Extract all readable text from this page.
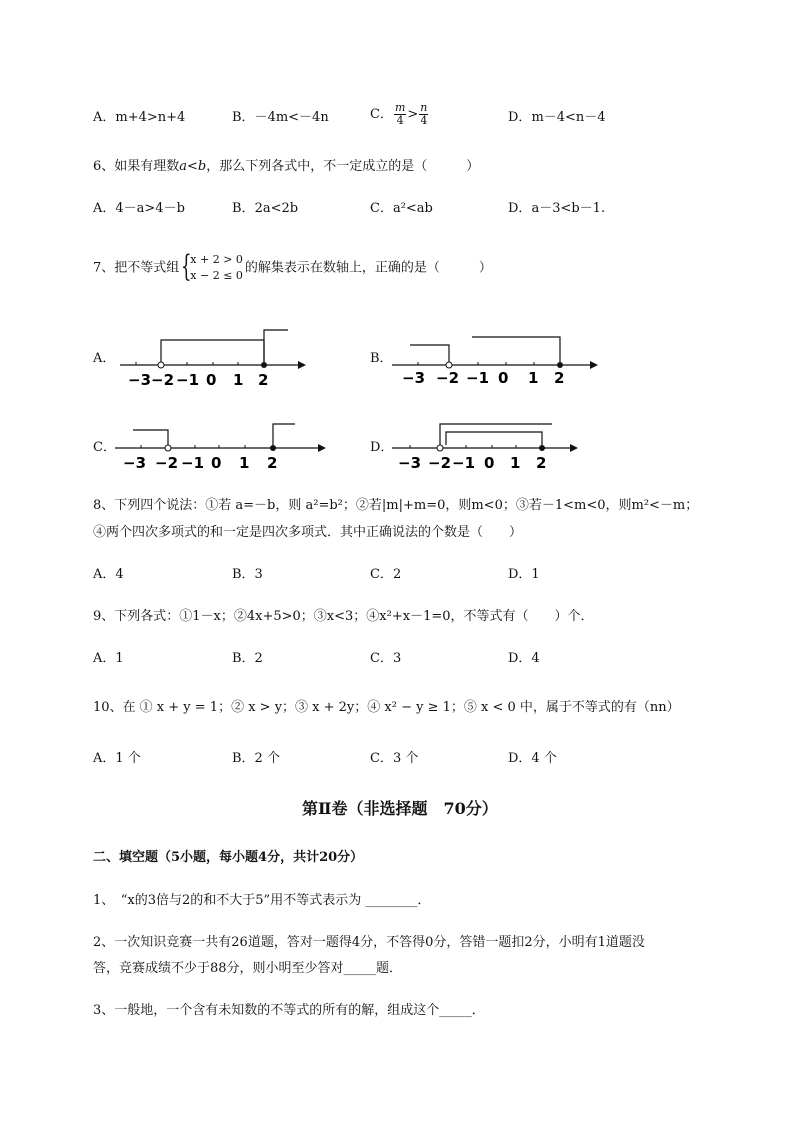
A．m+4>n+4	B．－4m<－4n	C． $\frac{m}{4} > \frac{n}{4}$	D．m－4<n－4
6、如果有理数a<b，那么下列各式中，不一定成立的是（　　　）
A．4－a>4－b	B．2a<2b	C．a²<ab	D．a－3<b－1.
7、把不等式组 {
x + 2 > 0
x − 2 ≤ 0 的解集表示在数轴上，正确的是（　　　）
A．
−3 −2 −1 0 1 2
B．
−3 −2 −1 0 1 2
C．
−3 −2 −1 0 1 2
D．
−3 −2 −1 0 1 2
8、下列四个说法：①若 a=－b，则 a²=b²；②若|m|+m=0，则m<0；③若－1<m<0，则m²<－m；
④两个四次多项式的和一定是四次多项式．其中正确说法的个数是（　　）
A．4	B．3	C．2	D．1
9、下列各式：①1－x；②4x+5>0；③x<3；④x²+x－1=0，不等式有（　　）个．
A．1	B．2	C．3	D．4
10、在 ① x + y = 1；② x > y；③ x + 2y；④ x² − y ≥ 1；⑤ x < 0 中，属于不等式的有（nn）
A．1 个	B．2 个	C．3 个	D．4 个
第Ⅱ卷（非选择题　70分）
二、填空题（5小题，每小题4分，共计20分）
1、　“x的3倍与2的和不大于5”用不等式表示为 ________．
2、一次知识竞赛一共有26道题，答对一题得4分，不答得0分，答错一题扣2分，小明有1道题没
答，竞赛成绩不少于88分，则小明至少答对_____题．
3、一般地，一个含有未知数的不等式的所有的解，组成这个_____．
